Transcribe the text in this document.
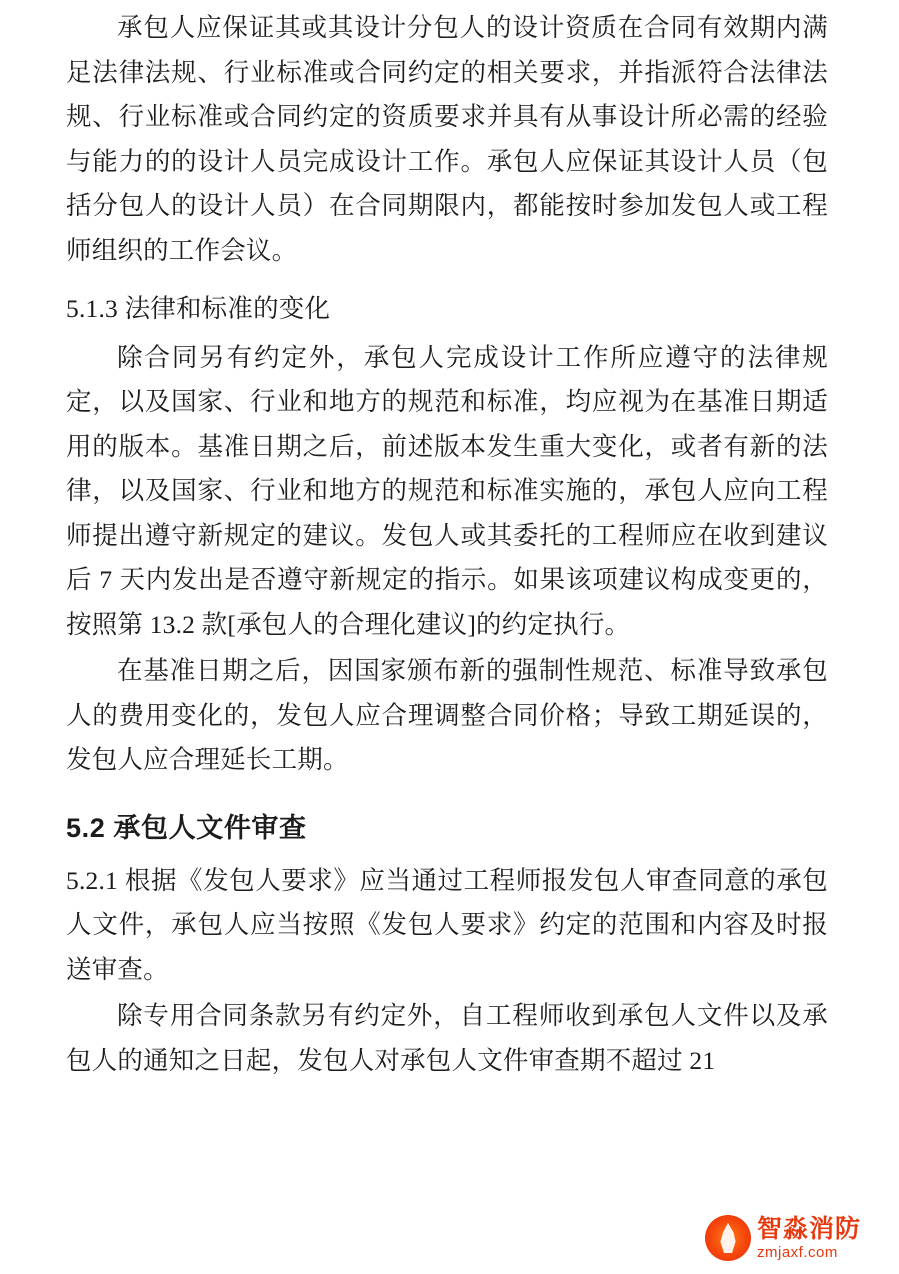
承包人应保证其或其设计分包人的设计资质在合同有效期内满足法律法规、行业标准或合同约定的相关要求，并指派符合法律法规、行业标准或合同约定的资质要求并具有从事设计所必需的经验与能力的的设计人员完成设计工作。承包人应保证其设计人员（包括分包人的设计人员）在合同期限内，都能按时参加发包人或工程师组织的工作会议。

5.1.3 法律和标准的变化

除合同另有约定外，承包人完成设计工作所应遵守的法律规定，以及国家、行业和地方的规范和标准，均应视为在基准日期适用的版本。基准日期之后，前述版本发生重大变化，或者有新的法律，以及国家、行业和地方的规范和标准实施的，承包人应向工程师提出遵守新规定的建议。发包人或其委托的工程师应在收到建议后 7 天内发出是否遵守新规定的指示。如果该项建议构成变更的，按照第 13.2 款[承包人的合理化建议]的约定执行。

在基准日期之后，因国家颁布新的强制性规范、标准导致承包人的费用变化的，发包人应合理调整合同价格；导致工期延误的，发包人应合理延长工期。

5.2 承包人文件审查

5.2.1 根据《发包人要求》应当通过工程师报发包人审查同意的承包人文件，承包人应当按照《发包人要求》约定的范围和内容及时报送审查。

除专用合同条款另有约定外，自工程师收到承包人文件以及承包人的通知之日起，发包人对承包人文件审查期不超过 21

智淼消防
zmjaxf.com
